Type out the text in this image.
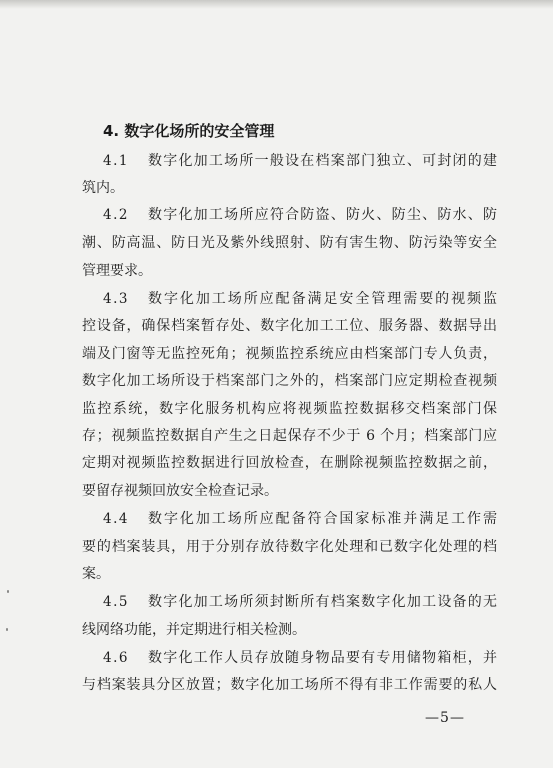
4. 数字化场所的安全管理
4.1	数字化加工场所一般设在档案部门独立、可封闭的建
筑内。
4.2	数字化加工场所应符合防盗、防火、防尘、防水、防
潮、防高温、防日光及紫外线照射、防有害生物、防污染等安全
管理要求。
4.3	数字化加工场所应配备满足安全管理需要的视频监
控设备，确保档案暂存处、数字化加工工位、服务器、数据导出
端及门窗等无监控死角；视频监控系统应由档案部门专人负责，
数字化加工场所设于档案部门之外的，档案部门应定期检查视频
监控系统，数字化服务机构应将视频监控数据移交档案部门保
存；视频监控数据自产生之日起保存不少于 6 个月；档案部门应
定期对视频监控数据进行回放检查，在删除视频监控数据之前，
要留存视频回放安全检查记录。
4.4	数字化加工场所应配备符合国家标准并满足工作需
要的档案装具，用于分别存放待数字化处理和已数字化处理的档
案。
4.5	数字化加工场所须封断所有档案数字化加工设备的无
线网络功能，并定期进行相关检测。
4.6	数字化工作人员存放随身物品要有专用储物箱柜，并
与档案装具分区放置；数字化加工场所不得有非工作需要的私人
—5—
